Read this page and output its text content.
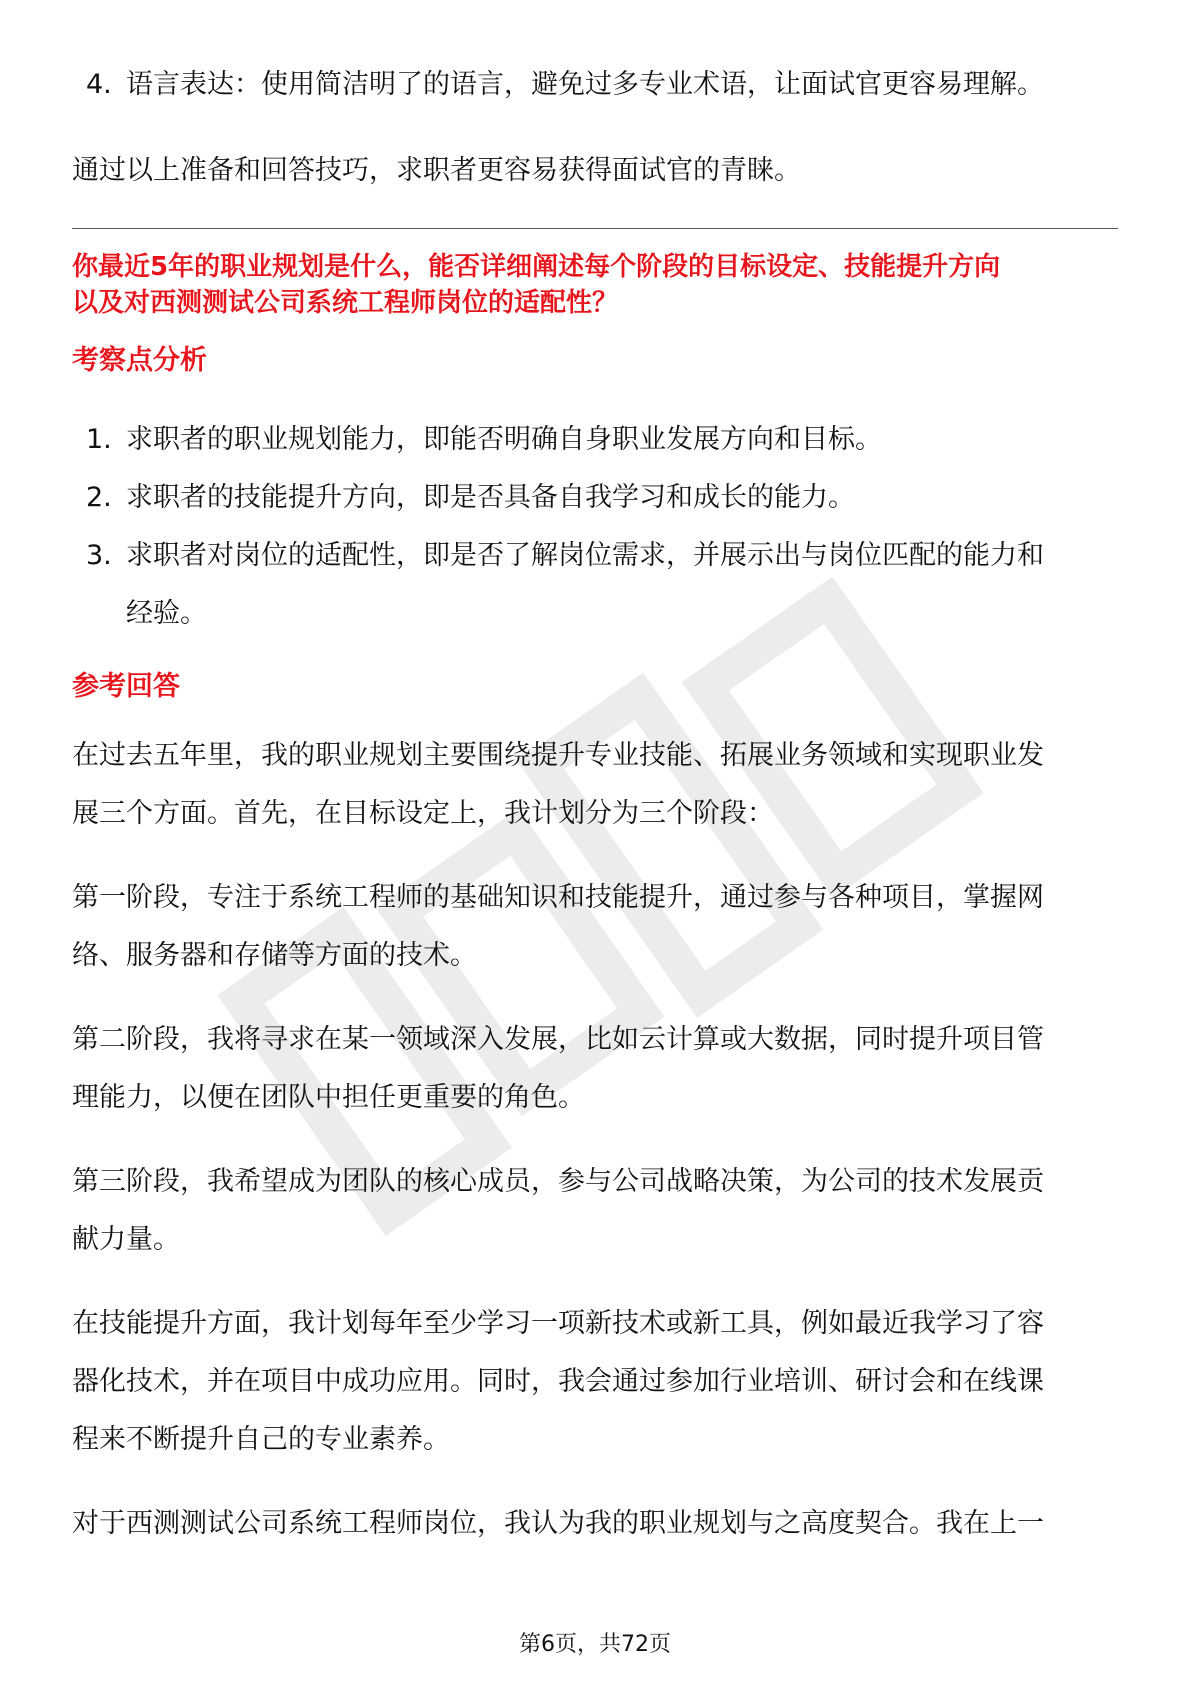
4. 语言表达：使用简洁明了的语言，避免过多专业术语，让面试官更容易理解。

通过以上准备和回答技巧，求职者更容易获得面试官的青睐。

你最近5年的职业规划是什么，能否详细阐述每个阶段的目标设定、技能提升方向

以及对西测测试公司系统工程师岗位的适配性？

考察点分析

1. 求职者的职业规划能力，即能否明确自身职业发展方向和目标。
2. 求职者的技能提升方向，即是否具备自我学习和成长的能力。
3. 求职者对岗位的适配性，即是否了解岗位需求，并展示出与岗位匹配的能力和
经验。

参考回答

在过去五年里，我的职业规划主要围绕提升专业技能、拓展业务领域和实现职业发
展三个方面。首先，在目标设定上，我计划分为三个阶段：
第一阶段，专注于系统工程师的基础知识和技能提升，通过参与各种项目，掌握网
络、服务器和存储等方面的技术。
第二阶段，我将寻求在某一领域深入发展，比如云计算或大数据，同时提升项目管
理能力，以便在团队中担任更重要的角色。
第三阶段，我希望成为团队的核心成员，参与公司战略决策，为公司的技术发展贡
献力量。
在技能提升方面，我计划每年至少学习一项新技术或新工具，例如最近我学习了容
器化技术，并在项目中成功应用。同时，我会通过参加行业培训、研讨会和在线课
程来不断提升自己的专业素养。
对于西测测试公司系统工程师岗位，我认为我的职业规划与之高度契合。我在上一
第6页，共72页
